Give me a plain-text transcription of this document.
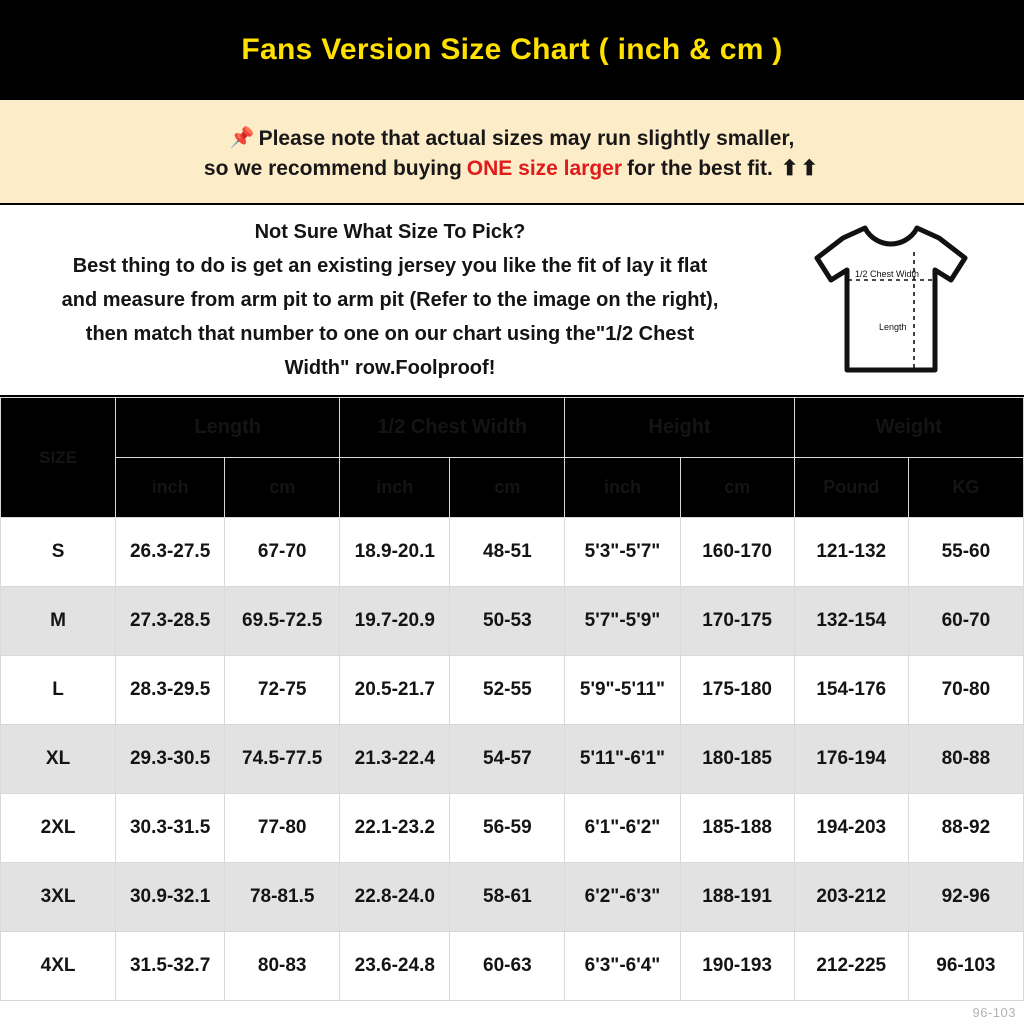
Fans Version Size Chart ( inch & cm )
📌 Please note that actual sizes may run slightly smaller,
so we recommend buying ONE size larger for the best fit. ⬆⬆
Not Sure What Size To Pick?
Best thing to do is get an existing jersey you like the fit of lay it flat
and measure from arm pit to arm pit (Refer to the image on the right),
then match that number to one on our chart using the"1/2 Chest
Width" row.Foolproof!
1/2 Chest Width
Length
SIZE	Length		1/2 Chest Width		Height		Weight	
	inch	cm	inch	cm	inch	cm	Pound	KG
S	26.3-27.5	67-70	18.9-20.1	48-51	5'3"-5'7"	160-170	121-132	55-60
M	27.3-28.5	69.5-72.5	19.7-20.9	50-53	5'7"-5'9"	170-175	132-154	60-70
L	28.3-29.5	72-75	20.5-21.7	52-55	5'9"-5'11"	175-180	154-176	70-80
XL	29.3-30.5	74.5-77.5	21.3-22.4	54-57	5'11"-6'1"	180-185	176-194	80-88
2XL	30.3-31.5	77-80	22.1-23.2	56-59	6'1"-6'2"	185-188	194-203	88-92
3XL	30.9-32.1	78-81.5	22.8-24.0	58-61	6'2"-6'3"	188-191	203-212	92-96
4XL	31.5-32.7	80-83	23.6-24.8	60-63	6'3"-6'4"	190-193	212-225	96-103
96-103
